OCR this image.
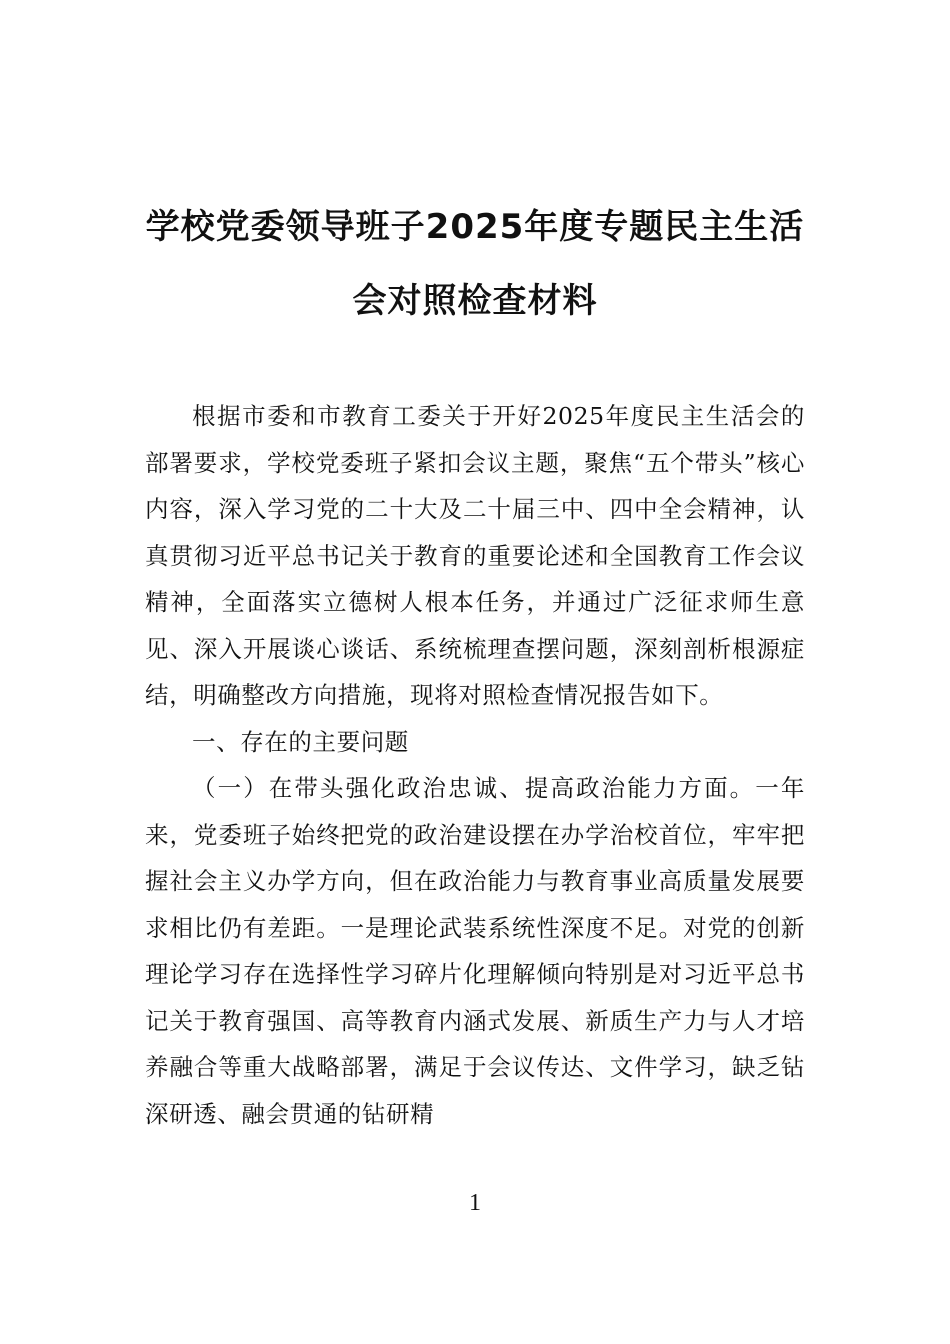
学校党委领导班子2025年度专题民主生活
会对照检查材料

根据市委和市教育工委关于开好2025年度民主生活会的部署要求，学校党委班子紧扣会议主题，聚焦“五个带头”核心内容，深入学习党的二十大及二十届三中、四中全会精神，认真贯彻习近平总书记关于教育的重要论述和全国教育工作会议精神，全面落实立德树人根本任务，并通过广泛征求师生意见、深入开展谈心谈话、系统梳理查摆问题，深刻剖析根源症结，明确整改方向措施，现将对照检查情况报告如下。

一、存在的主要问题

（一）在带头强化政治忠诚、提高政治能力方面。一年来，党委班子始终把党的政治建设摆在办学治校首位，牢牢把握社会主义办学方向，但在政治能力与教育事业高质量发展要求相比仍有差距。一是理论武装系统性深度不足。对党的创新理论学习存在选择性学习碎片化理解倾向特别是对习近平总书记关于教育强国、高等教育内涵式发展、新质生产力与人才培养融合等重大战略部署，满足于会议传达、文件学习，缺乏钻深研透、融会贯通的钻研精

1
